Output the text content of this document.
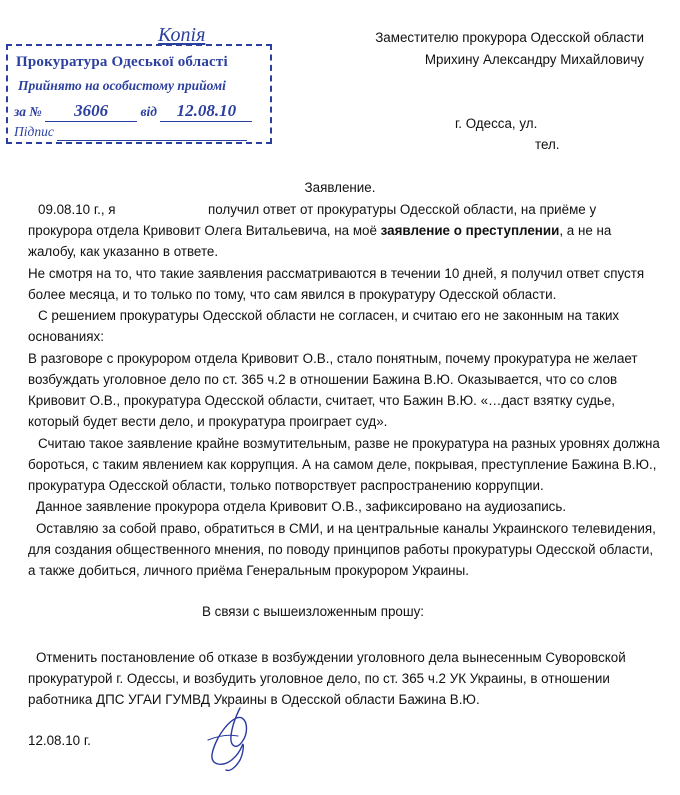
Копія
Прокуратура Одеської області
Прийнято на особистому прийомі
за № 3606 від 12.08.10
Підпис
Заместителю прокурора Одесской области
Мрихину Александру Михайловичу
г. Одесса, ул.
тел.
Заявление.
09.08.10 г., я	получил ответ от прокуратуры Одесской области, на приёме у
прокурора отдела Кривовит Олега Витальевича, на моё заявление о преступлении, а не на
жалобу, как указанно в ответе.
Не смотря на то, что такие заявления рассматриваются в течении 10 дней, я получил ответ спустя
более месяца, и то только по тому, что сам явился в прокуратуру Одесской области.
С решением прокуратуры Одесской области не согласен, и считаю его не законным на таких
основаниях:
В разговоре с прокурором отдела Кривовит О.В., стало понятным, почему прокуратура не желает
возбуждать уголовное дело по ст. 365 ч.2 в отношении Бажина В.Ю. Оказывается, что со слов
Кривовит О.В., прокуратура Одесской области, считает, что Бажин В.Ю. «…даст взятку судье,
который будет вести дело, и прокуратура проиграет суд».
Считаю такое заявление крайне возмутительным, разве не прокуратура на разных уровнях должна
бороться, с таким явлением как коррупция. А на самом деле, покрывая, преступление Бажина В.Ю.,
прокуратура Одесской области, только потворствует распространению коррупции.
Данное заявление прокурора отдела Кривовит О.В., зафиксировано на аудиозапись.
Оставляю за собой право, обратиться в СМИ, и на центральные каналы Украинского телевидения,
для создания общественного мнения, по поводу принципов работы прокуратуры Одесской области,
а также добиться, личного приёма Генеральным прокурором Украины.
В связи с вышеизложенным прошу:
Отменить постановление об отказе в возбуждении уголовного дела вынесенным Суворовской
прокуратурой г. Одессы, и возбудить уголовное дело, по ст. 365 ч.2 УК Украины, в отношении
работника ДПС УГАИ ГУМВД Украины в Одесской области Бажина В.Ю.
12.08.10 г.
